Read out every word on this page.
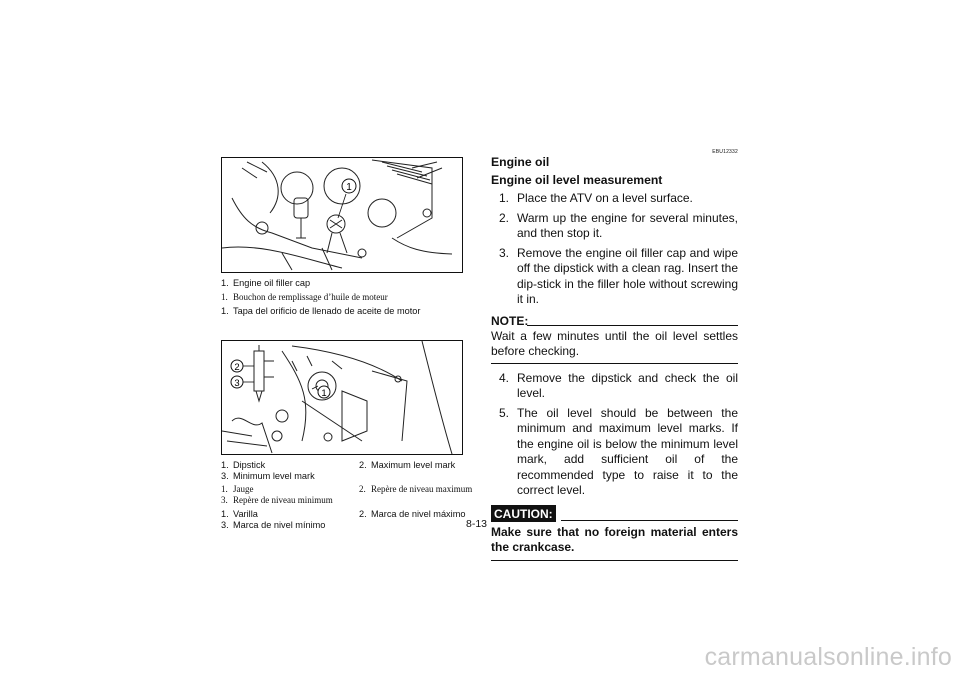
1
1. Engine oil filler cap
1. Bouchon de remplissage d’huile de moteur
1. Tapa del orificio de llenado de aceite de motor
2
3
1
1. Dipstick	2. Maximum level mark
3. Minimum level mark
1. Jauge	2. Repère de niveau maximum
3. Repère de niveau minimum
1. Varilla	2. Marca de nivel máximo
3. Marca de nivel mínimo
EBU12332
Engine oil
Engine oil level measurement
1. Place the ATV on a level surface.
2. Warm up the engine for several minutes, and then stop it.
3. Remove the engine oil filler cap and wipe off the dipstick with a clean rag. Insert the dip-stick in the filler hole without screwing it in.
NOTE:
Wait a few minutes until the oil level settles before checking.
4. Remove the dipstick and check the oil level.
5. The oil level should be between the minimum and maximum level marks. If the engine oil is below the minimum level mark, add sufficient oil of the recommended type to raise it to the correct level.
CAUTION:
Make sure that no foreign material enters the crankcase.
8-13
carmanualsonline.info
